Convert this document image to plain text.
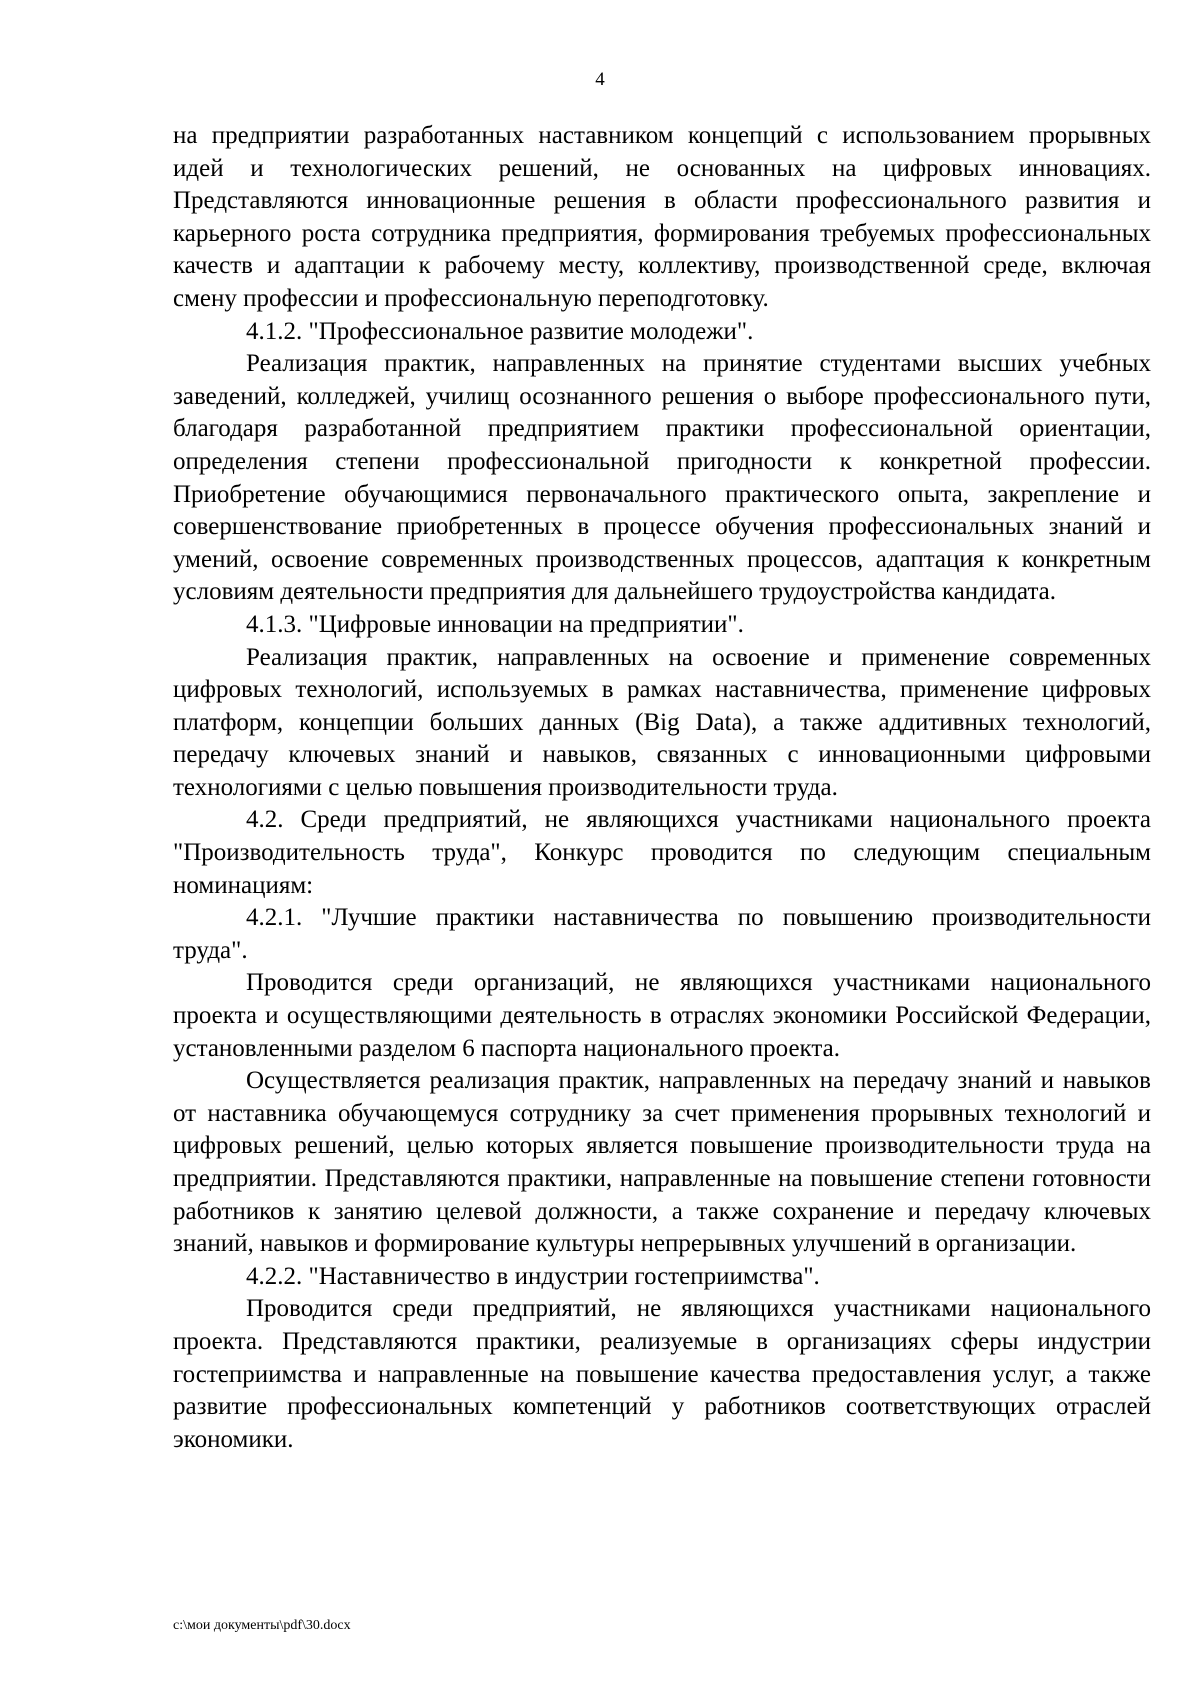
4

на предприятии разработанных наставником концепций с использованием прорывных идей и технологических решений, не основанных на цифровых инновациях. Представляются инновационные решения в области профессионального развития и карьерного роста сотрудника предприятия, формирования требуемых профессиональных качеств и адаптации к рабочему месту, коллективу, производственной среде, включая смену профессии и профессиональную переподготовку.

4.1.2. "Профессиональное развитие молодежи".

Реализация практик, направленных на принятие студентами высших учебных заведений, колледжей, училищ осознанного решения о выборе профессионального пути, благодаря разработанной предприятием практики профессиональной ориентации, определения степени профессиональной пригодности к конкретной профессии. Приобретение обучающимися первоначального практического опыта, закрепление и совершенствование приобретенных в процессе обучения профессиональных знаний и умений, освоение современных производственных процессов, адаптация к конкретным условиям деятельности предприятия для дальнейшего трудоустройства кандидата.

4.1.3. "Цифровые инновации на предприятии".

Реализация практик, направленных на освоение и применение современных цифровых технологий, используемых в рамках наставничества, применение цифровых платформ, концепции больших данных (Big Data), а также аддитивных технологий, передачу ключевых знаний и навыков, связанных с инновационными цифровыми технологиями с целью повышения производительности труда.

4.2. Среди предприятий, не являющихся участниками национального проекта "Производительность труда", Конкурс проводится по следующим специальным номинациям:

4.2.1. "Лучшие практики наставничества по повышению производительности труда".

Проводится среди организаций, не являющихся участниками национального проекта и осуществляющими деятельность в отраслях экономики Российской Федерации, установленными разделом 6 паспорта национального проекта.

Осуществляется реализация практик, направленных на передачу знаний и навыков от наставника обучающемуся сотруднику за счет применения прорывных технологий и цифровых решений, целью которых является повышение производительности труда на предприятии. Представляются практики, направленные на повышение степени готовности работников к занятию целевой должности, а также сохранение и передачу ключевых знаний, навыков и формирование культуры непрерывных улучшений в организации.

4.2.2. "Наставничество в индустрии гостеприимства".

Проводится среди предприятий, не являющихся участниками национального проекта. Представляются практики, реализуемые в организациях сферы индустрии гостеприимства и направленные на повышение качества предоставления услуг, а также развитие профессиональных компетенций у работников соответствующих отраслей экономики.

c:\мои документы\pdf\30.docx
